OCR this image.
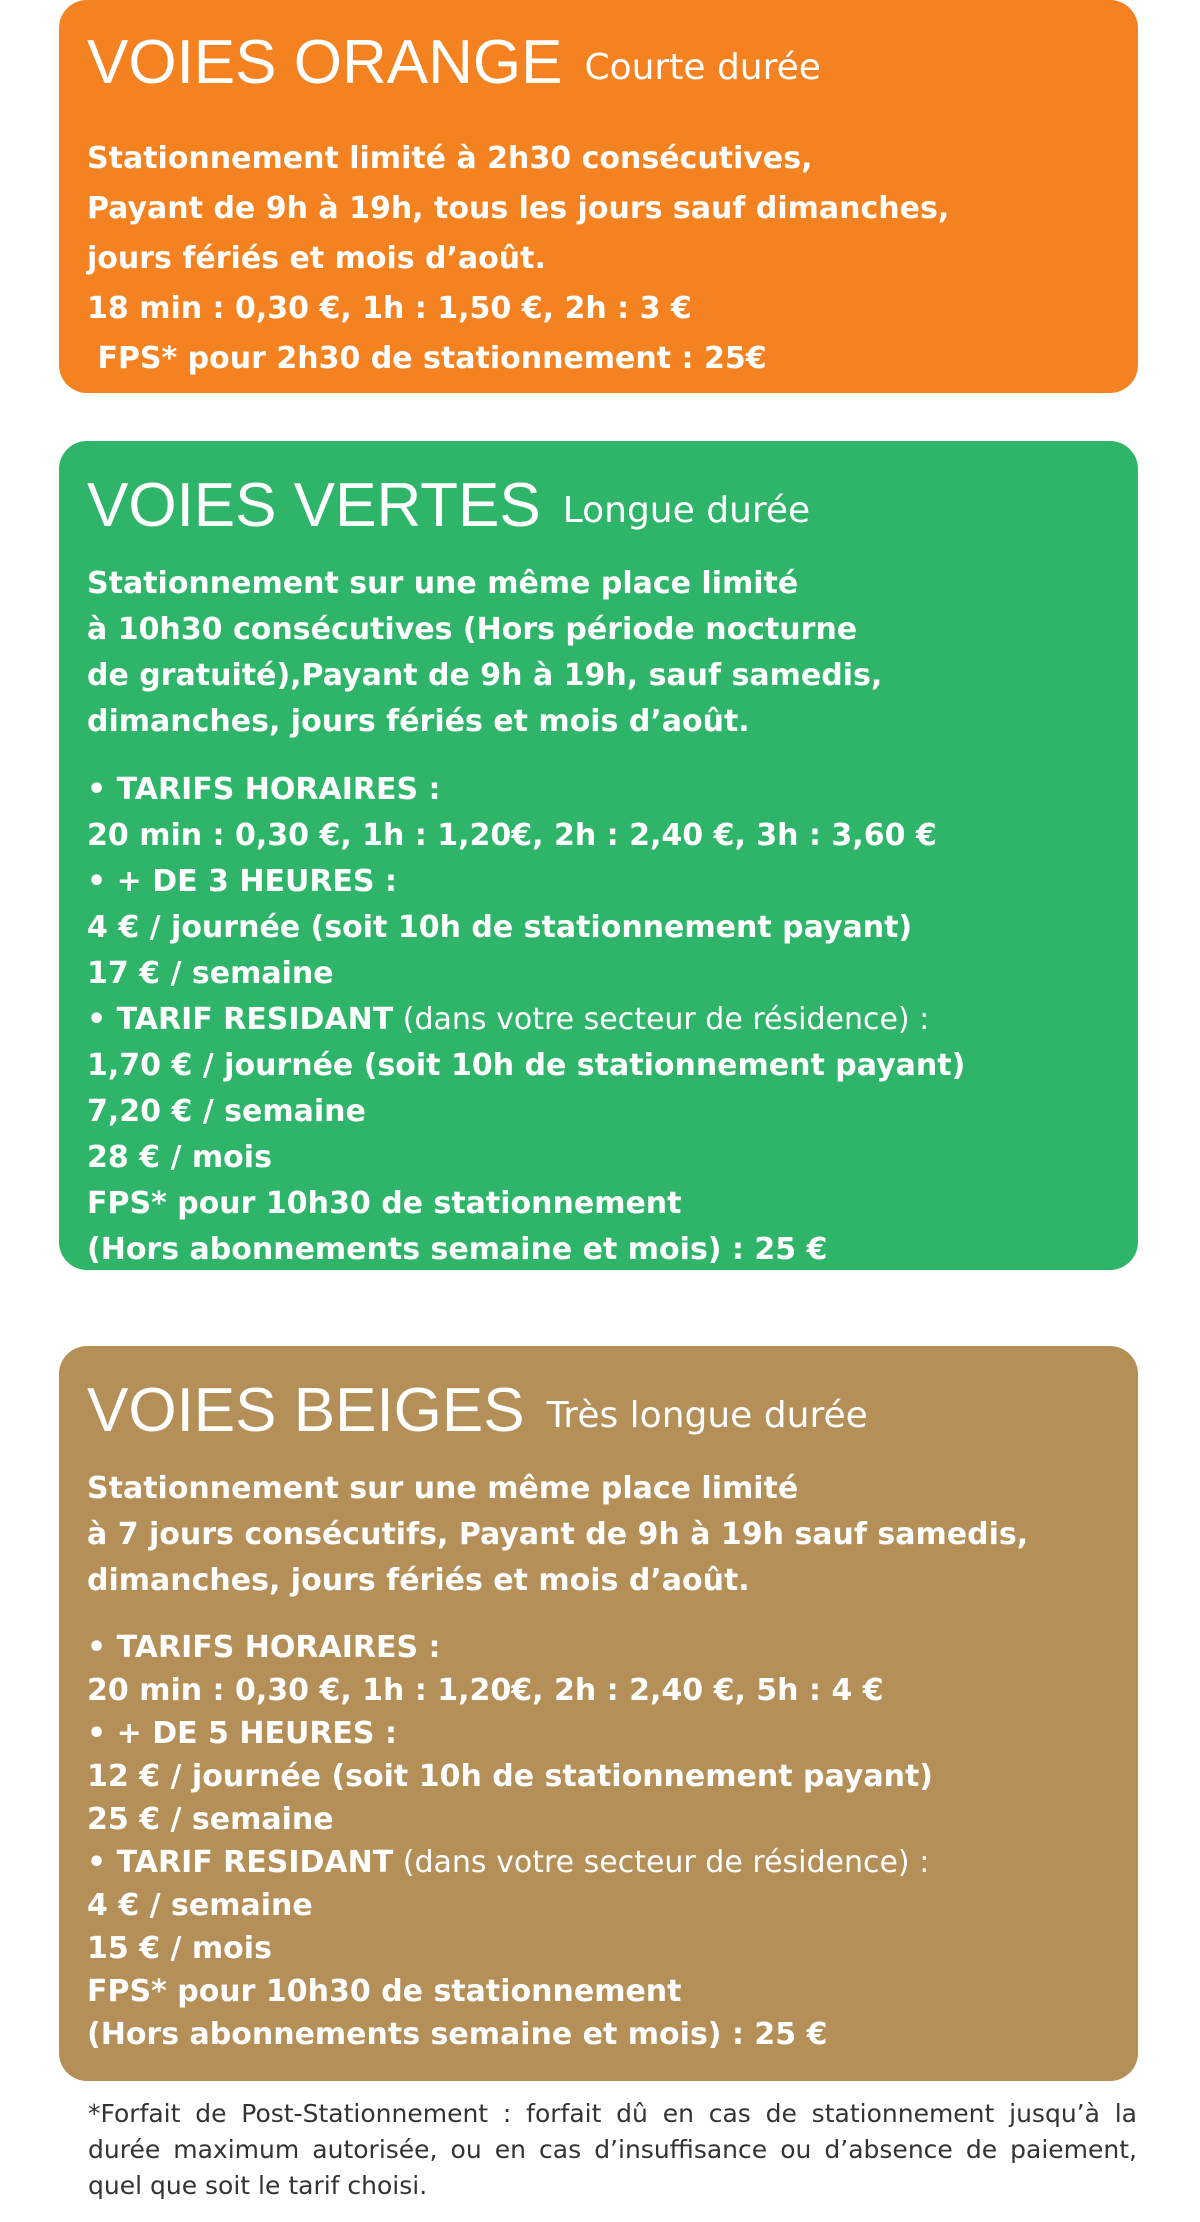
VOIES ORANGE Courte durée
Stationnement limité à 2h30 consécutives,
Payant de 9h à 19h, tous les jours sauf dimanches,
jours fériés et mois d’août.
18 min : 0,30 €, 1h : 1,50 €, 2h : 3 €
FPS* pour 2h30 de stationnement : 25€
VOIES VERTES Longue durée
Stationnement sur une même place limité
à 10h30 consécutives (Hors période nocturne
de gratuité),Payant de 9h à 19h, sauf samedis,
dimanches, jours fériés et mois d’août.
• TARIFS HORAIRES :
20 min : 0,30 €, 1h : 1,20€, 2h : 2,40 €, 3h : 3,60 €
• + DE 3 HEURES :
4 € / journée (soit 10h de stationnement payant)
17 € / semaine
• TARIF RESIDANT (dans votre secteur de résidence) :
1,70 € / journée (soit 10h de stationnement payant)
7,20 € / semaine
28 € / mois
FPS* pour 10h30 de stationnement
(Hors abonnements semaine et mois) : 25 €
VOIES BEIGES Très longue durée
Stationnement sur une même place limité
à 7 jours consécutifs, Payant de 9h à 19h sauf samedis,
dimanches, jours fériés et mois d’août.
• TARIFS HORAIRES :
20 min : 0,30 €, 1h : 1,20€, 2h : 2,40 €, 5h : 4 €
• + DE 5 HEURES :
12 € / journée (soit 10h de stationnement payant)
25 € / semaine
• TARIF RESIDANT (dans votre secteur de résidence) :
4 € / semaine
15 € / mois
FPS* pour 10h30 de stationnement
(Hors abonnements semaine et mois) : 25 €
*Forfait de Post-Stationnement : forfait dû en cas de stationnement jusqu’à la durée maximum autorisée, ou en cas d’insuffisance ou d’absence de paiement, quel que soit le tarif choisi.
